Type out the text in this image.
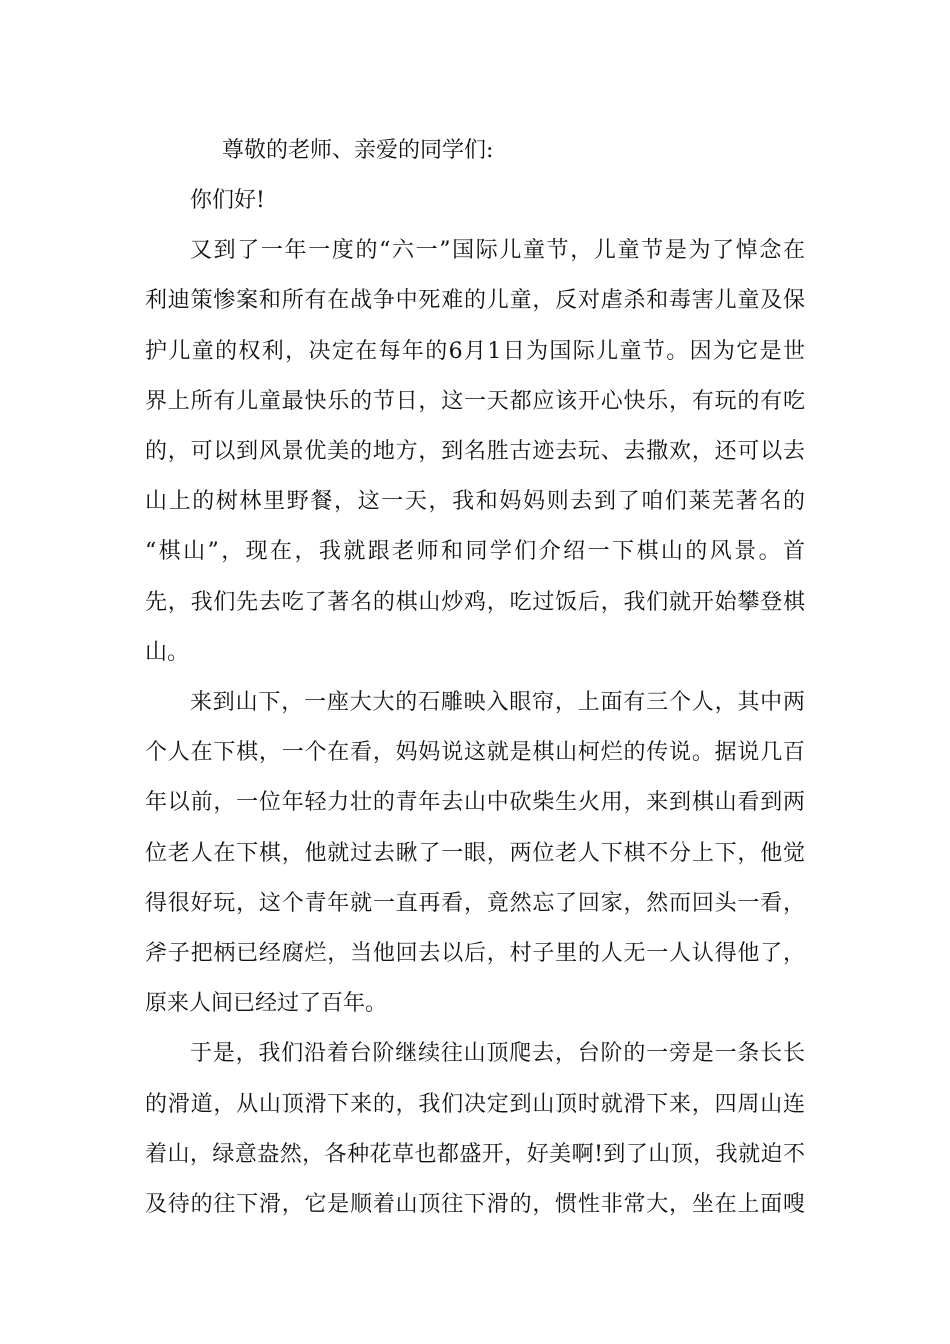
尊敬的老师、亲爱的同学们:
你们好!
又到了一年一度的“六一”国际儿童节，儿童节是为了悼念在
利迪策惨案和所有在战争中死难的儿童，反对虐杀和毒害儿童及保
护儿童的权利，决定在每年的6月1日为国际儿童节。因为它是世
界上所有儿童最快乐的节日，这一天都应该开心快乐，有玩的有吃
的，可以到风景优美的地方，到名胜古迹去玩、去撒欢，还可以去
山上的树林里野餐，这一天，我和妈妈则去到了咱们莱芜著名的
“棋山”，现在，我就跟老师和同学们介绍一下棋山的风景。首
先，我们先去吃了著名的棋山炒鸡，吃过饭后，我们就开始攀登棋
山。
来到山下，一座大大的石雕映入眼帘，上面有三个人，其中两
个人在下棋，一个在看，妈妈说这就是棋山柯烂的传说。据说几百
年以前，一位年轻力壮的青年去山中砍柴生火用，来到棋山看到两
位老人在下棋，他就过去瞅了一眼，两位老人下棋不分上下，他觉
得很好玩，这个青年就一直再看，竟然忘了回家，然而回头一看，
斧子把柄已经腐烂，当他回去以后，村子里的人无一人认得他了，
原来人间已经过了百年。
于是，我们沿着台阶继续往山顶爬去，台阶的一旁是一条长长
的滑道，从山顶滑下来的，我们决定到山顶时就滑下来，四周山连
着山，绿意盎然，各种花草也都盛开，好美啊!到了山顶，我就迫不
及待的往下滑，它是顺着山顶往下滑的，惯性非常大，坐在上面嗖
